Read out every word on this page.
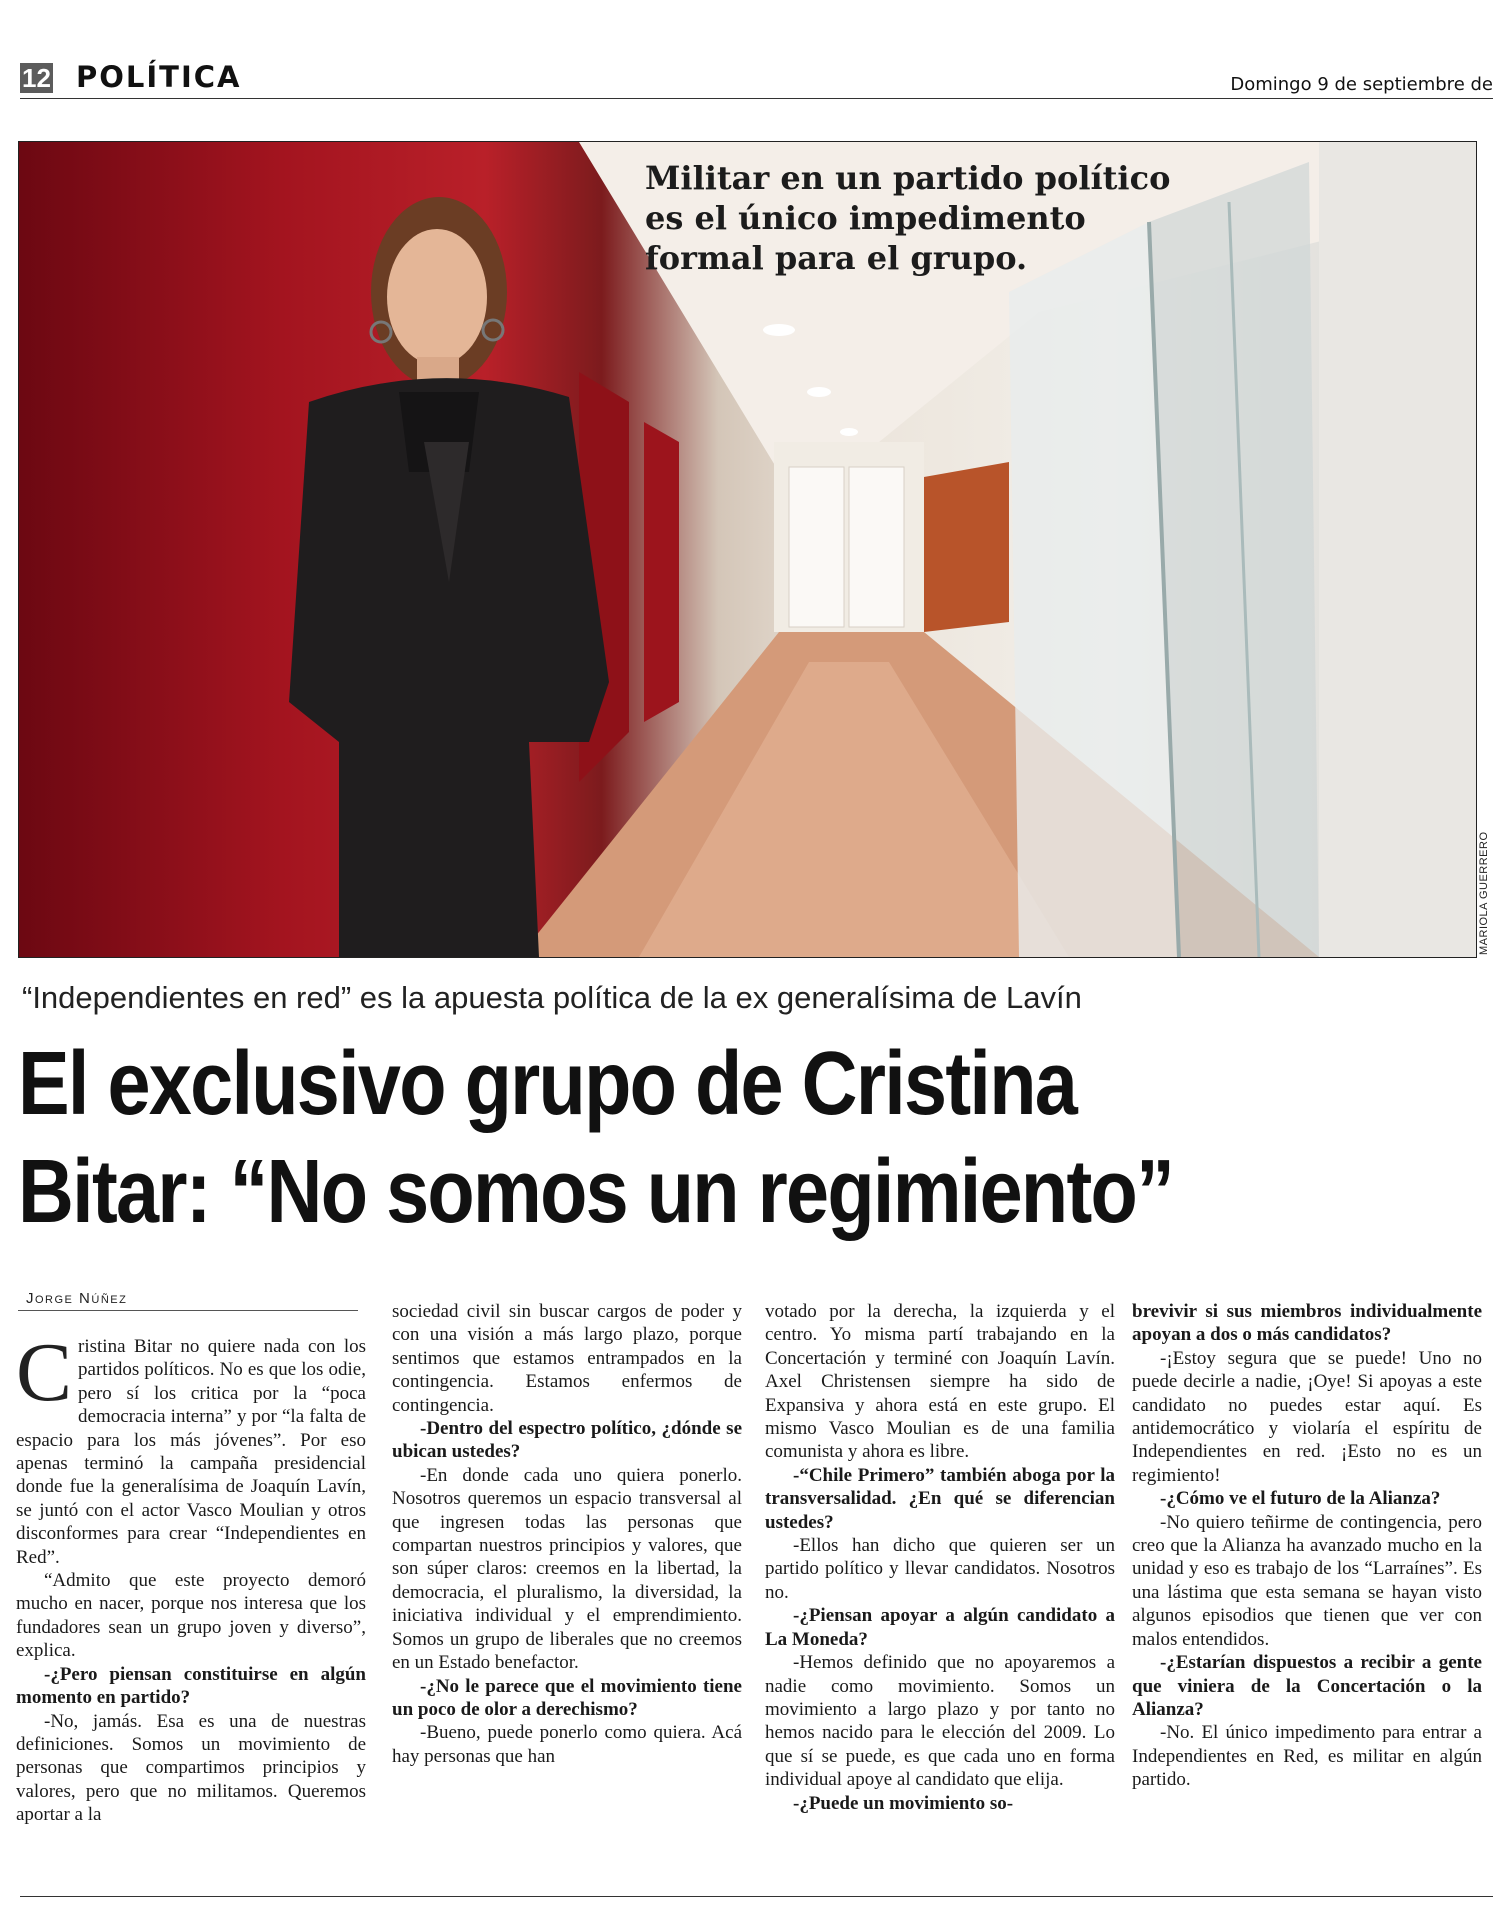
12 POLÍTICA	Domingo 9 de septiembre de
Militar en un partido político
es el único impedimento
formal para el grupo.
MARIOLA GUERRERO
“Independientes en red” es la apuesta política de la ex generalísima de Lavín
El exclusivo grupo de Cristina
Bitar: “No somos un regimiento”
Jorge Núñez

Cristina Bitar no quiere nada con los partidos políticos. No es que los odie, pero sí los critica por la “poca democracia interna” y por “la falta de espacio para los más jóvenes”. Por eso apenas terminó la campaña presidencial donde fue la generalísima de Joaquín Lavín, se juntó con el actor Vasco Moulian y otros disconformes para crear “Independientes en Red”.

“Admito que este proyecto demoró mucho en nacer, porque nos interesa que los fundadores sean un grupo joven y diverso”, explica.

-¿Pero piensan constituirse en algún momento en partido?

-No, jamás. Esa es una de nuestras definiciones. Somos un movimiento de personas que compartimos principios y valores, pero que no militamos. Queremos aportar a la

sociedad civil sin buscar cargos de poder y con una visión a más largo plazo, porque sentimos que estamos entrampados en la contingencia. Estamos enfermos de contingencia.

-Dentro del espectro político, ¿dónde se ubican ustedes?

-En donde cada uno quiera ponerlo. Nosotros queremos un espacio transversal al que ingresen todas las personas que compartan nuestros principios y valores, que son súper claros: creemos en la libertad, la democracia, el pluralismo, la diversidad, la iniciativa individual y el emprendimiento. Somos un grupo de liberales que no creemos en un Estado benefactor.

-¿No le parece que el movimiento tiene un poco de olor a derechismo?

-Bueno, puede ponerlo como quiera. Acá hay personas que han

votado por la derecha, la izquierda y el centro. Yo misma partí trabajando en la Concertación y terminé con Joaquín Lavín. Axel Christensen siempre ha sido de Expansiva y ahora está en este grupo. El mismo Vasco Moulian es de una familia comunista y ahora es libre.

-“Chile Primero” también aboga por la transversalidad. ¿En qué se diferencian ustedes?

-Ellos han dicho que quieren ser un partido político y llevar candidatos. Nosotros no.

-¿Piensan apoyar a algún candidato a La Moneda?

-Hemos definido que no apoyaremos a nadie como movimiento. Somos un movimiento a largo plazo y por tanto no hemos nacido para le elección del 2009. Lo que sí se puede, es que cada uno en forma individual apoye al candidato que elija.

-¿Puede un movimiento so-

brevivir si sus miembros individualmente apoyan a dos o más candidatos?

-¡Estoy segura que se puede! Uno no puede decirle a nadie, ¡Oye! Si apoyas a este candidato no puedes estar aquí. Es antidemocrático y violaría el espíritu de Independientes en red. ¡Esto no es un regimiento!

-¿Cómo ve el futuro de la Alianza?

-No quiero teñirme de contingencia, pero creo que la Alianza ha avanzado mucho en la unidad y eso es trabajo de los “Larraínes”. Es una lástima que esta semana se hayan visto algunos episodios que tienen que ver con malos entendidos.

-¿Estarían dispuestos a recibir a gente que viniera de la Concertación o la Alianza?

-No. El único impedimento para entrar a Independientes en Red, es militar en algún partido.
